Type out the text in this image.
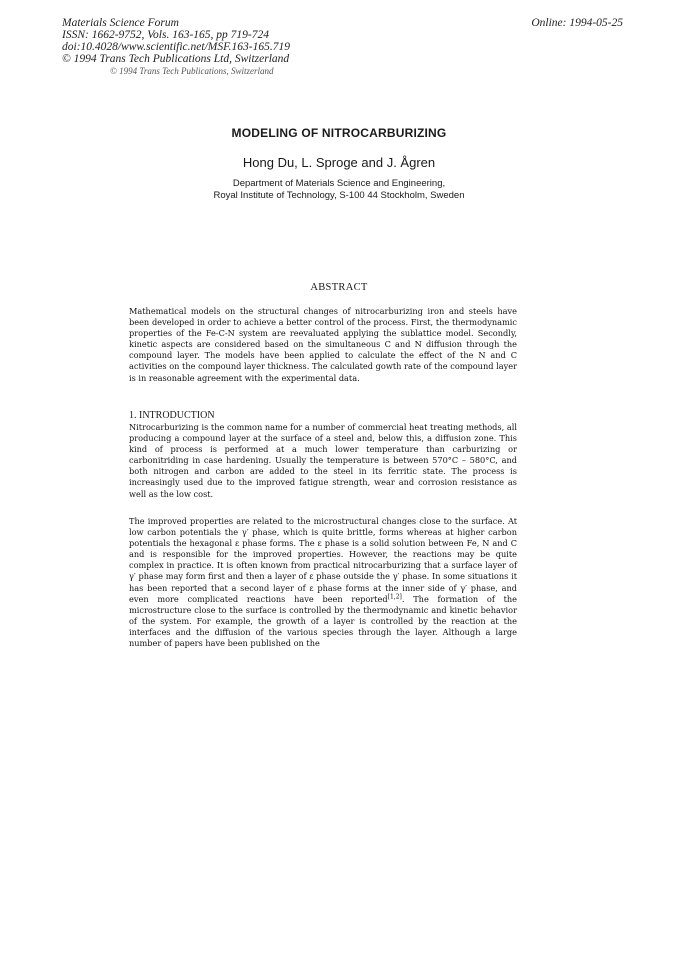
Materials Science Forum
ISSN: 1662-9752, Vols. 163-165, pp 719-724
doi:10.4028/www.scientific.net/MSF.163-165.719
© 1994 Trans Tech Publications Ltd, Switzerland
Online: 1994-05-25
© 1994 Trans Tech Publications, Switzerland
MODELING OF NITROCARBURIZING
Hong Du, L. Sproge and J. Ågren
Department of Materials Science and Engineering,
Royal Institute of Technology, S-100 44 Stockholm, Sweden
ABSTRACT

Mathematical models on the structural changes of nitrocarburizing iron and steels have been developed in order to achieve a better control of the process. First, the thermodynamic properties of the Fe-C-N system are reevaluated applying the sublattice model. Secondly, kinetic aspects are considered based on the simultaneous C and N diffusion through the compound layer. The models have been applied to calculate the effect of the N and C activities on the compound layer thickness. The calculated gowth rate of the compound layer is in reasonable agreement with the experimental data.

1. INTRODUCTION

Nitrocarburizing is the common name for a number of commercial heat treating methods, all producing a compound layer at the surface of a steel and, below this, a diffusion zone. This kind of process is performed at a much lower temperature than carburizing or carbonitriding in case hardening. Usually the temperature is between 570°C – 580°C, and both nitrogen and carbon are added to the steel in its ferritic state. The process is increasingly used due to the improved fatigue strength, wear and corrosion resistance as well as the low cost.

The improved properties are related to the microstructural changes close to the surface. At low carbon potentials the γ′ phase, which is quite brittle, forms whereas at higher carbon potentials the hexagonal ε phase forms. The ε phase is a solid solution between Fe, N and C and is responsible for the improved properties. However, the reactions may be quite complex in practice. It is often known from practical nitrocarburizing that a surface layer of γ′ phase may form first and then a layer of ε phase outside the γ′ phase. In some situations it has been reported that a second layer of ε phase forms at the inner side of γ′ phase, and even more complicated reactions have been reported[1,2]. The formation of the microstructure close to the surface is controlled by the thermodynamic and kinetic behavior of the system. For example, the growth of a layer is controlled by the reaction at the interfaces and the diffusion of the various species through the layer. Although a large number of papers have been published on the
